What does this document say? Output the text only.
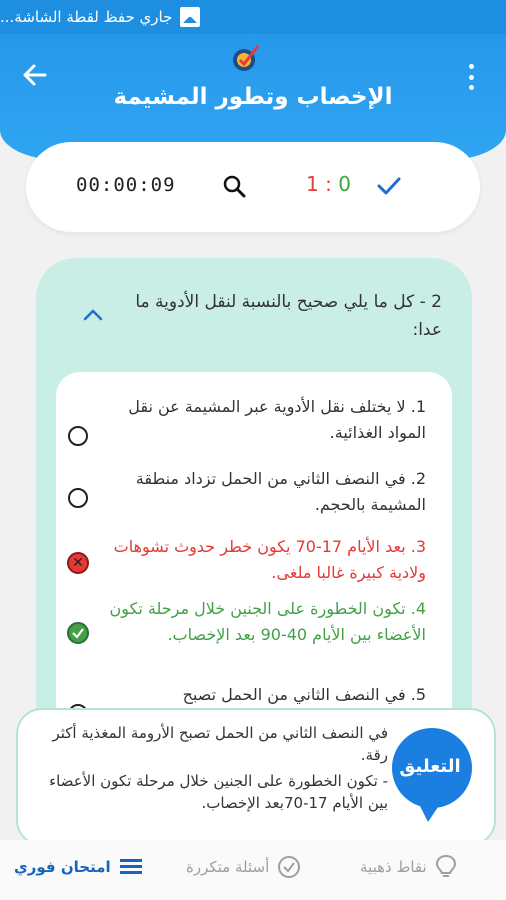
جاري حفظ لقطة الشاشة...
الإخصاب وتطور المشيمة
00:00:09	1 : 0
2 - كل ما يلي صحيح بالنسبة لنقل الأدوية ما عدا:
1. لا يختلف نقل الأدوية عبر المشيمة عن نقل المواد الغذائية.
2. في النصف الثاني من الحمل تزداد منطقة المشيمة بالحجم.
3. بعد الأيام 17-70 يكون خطر حدوث تشوهات ولادية كبيرة غالبا ملغى.
✕
4. تكون الخطورة على الجنين خلال مرحلة تكون الأعضاء بين الأيام 40-90 بعد الإخصاب.
5. في النصف الثاني من الحمل تصبح
التعليق

في النصف الثاني من الحمل تصبح الأرومة المغذية أكثر رقة.

- تكون الخطورة على الجنين خلال مرحلة تكون الأعضاء بين الأيام 17-70بعد الإخصاب.

امتحان فوري	أسئلة متكررة	نقاط ذهبية
